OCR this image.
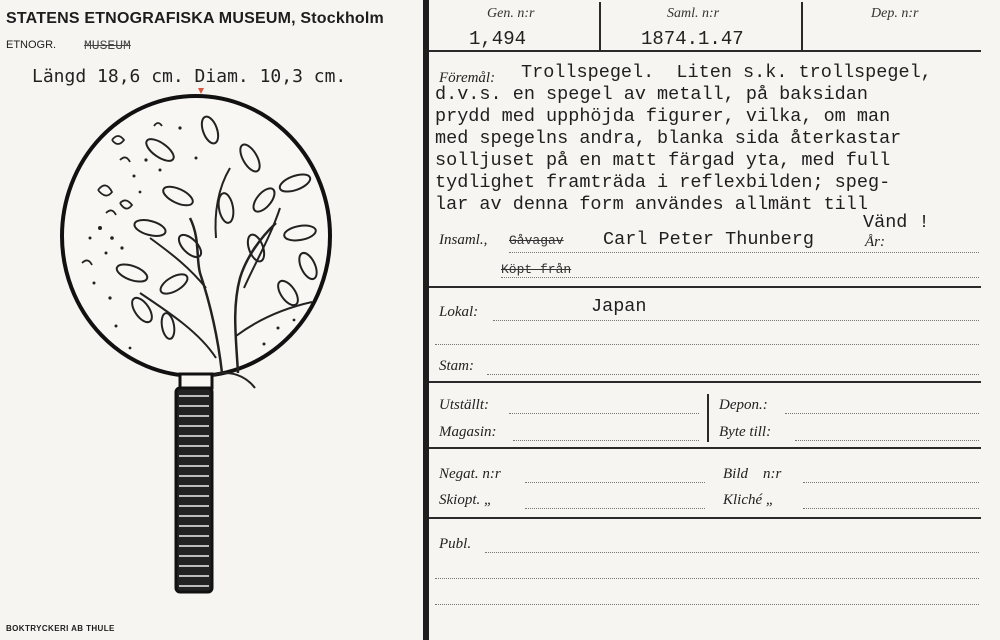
STATENS ETNOGRAFISKA MUSEUM, Stockholm
ETNOGR. MUSEUM
Längd 18,6 cm. Diam. 10,3 cm.
BOKTRYCKERI AB THULE
Gen. n:r
1,494
Saml. n:r
1874.1.47
Dep. n:r
Föremål: Trollspegel.  Liten s.k. trollspegel,
d.v.s. en spegel av metall, på baksidan
prydd med upphöjda figurer, vilka, om man
med spegelns andra, blanka sida återkastar
solljuset på en matt färgad yta, med full
tydlighet framträda i reflexbilden; speg-
lar av denna form användes allmänt till
Vänd !
Insaml., Gåvagav Carl Peter Thunberg	År:
Köpt från
Lokal:	Japan
Stam:
Utställt:	Depon.:
Magasin:	Byte till:
Negat. n:r	Bild    n:r
Skiopt. „	Kliché „
Publ.
